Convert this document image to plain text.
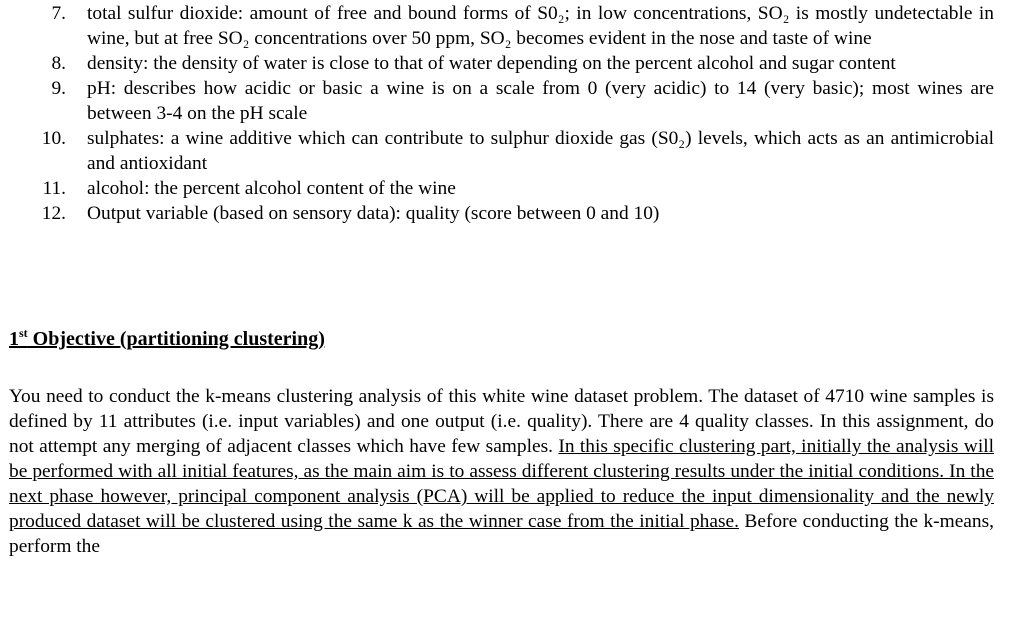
7. total sulfur dioxide: amount of free and bound forms of S0₂; in low concentrations, SO₂ is mostly undetectable in wine, but at free SO₂ concentrations over 50 ppm, SO₂ becomes evident in the nose and taste of wine
8. density: the density of water is close to that of water depending on the percent alcohol and sugar content
9. pH: describes how acidic or basic a wine is on a scale from 0 (very acidic) to 14 (very basic); most wines are between 3-4 on the pH scale
10. sulphates: a wine additive which can contribute to sulphur dioxide gas (S0₂) levels, which acts as an antimicrobial and antioxidant
11. alcohol: the percent alcohol content of the wine
12. Output variable (based on sensory data): quality (score between 0 and 10)
1st Objective (partitioning clustering)

You need to conduct the k-means clustering analysis of this white wine dataset problem. The dataset of 4710 wine samples is defined by 11 attributes (i.e. input variables) and one output (i.e. quality). There are 4 quality classes. In this assignment, do not attempt any merging of adjacent classes which have few samples. In this specific clustering part, initially the analysis will be performed with all initial features, as the main aim is to assess different clustering results under the initial conditions. In the next phase however, principal component analysis (PCA) will be applied to reduce the input dimensionality and the newly produced dataset will be clustered using the same k as the winner case from the initial phase. Before conducting the k-means, perform the
